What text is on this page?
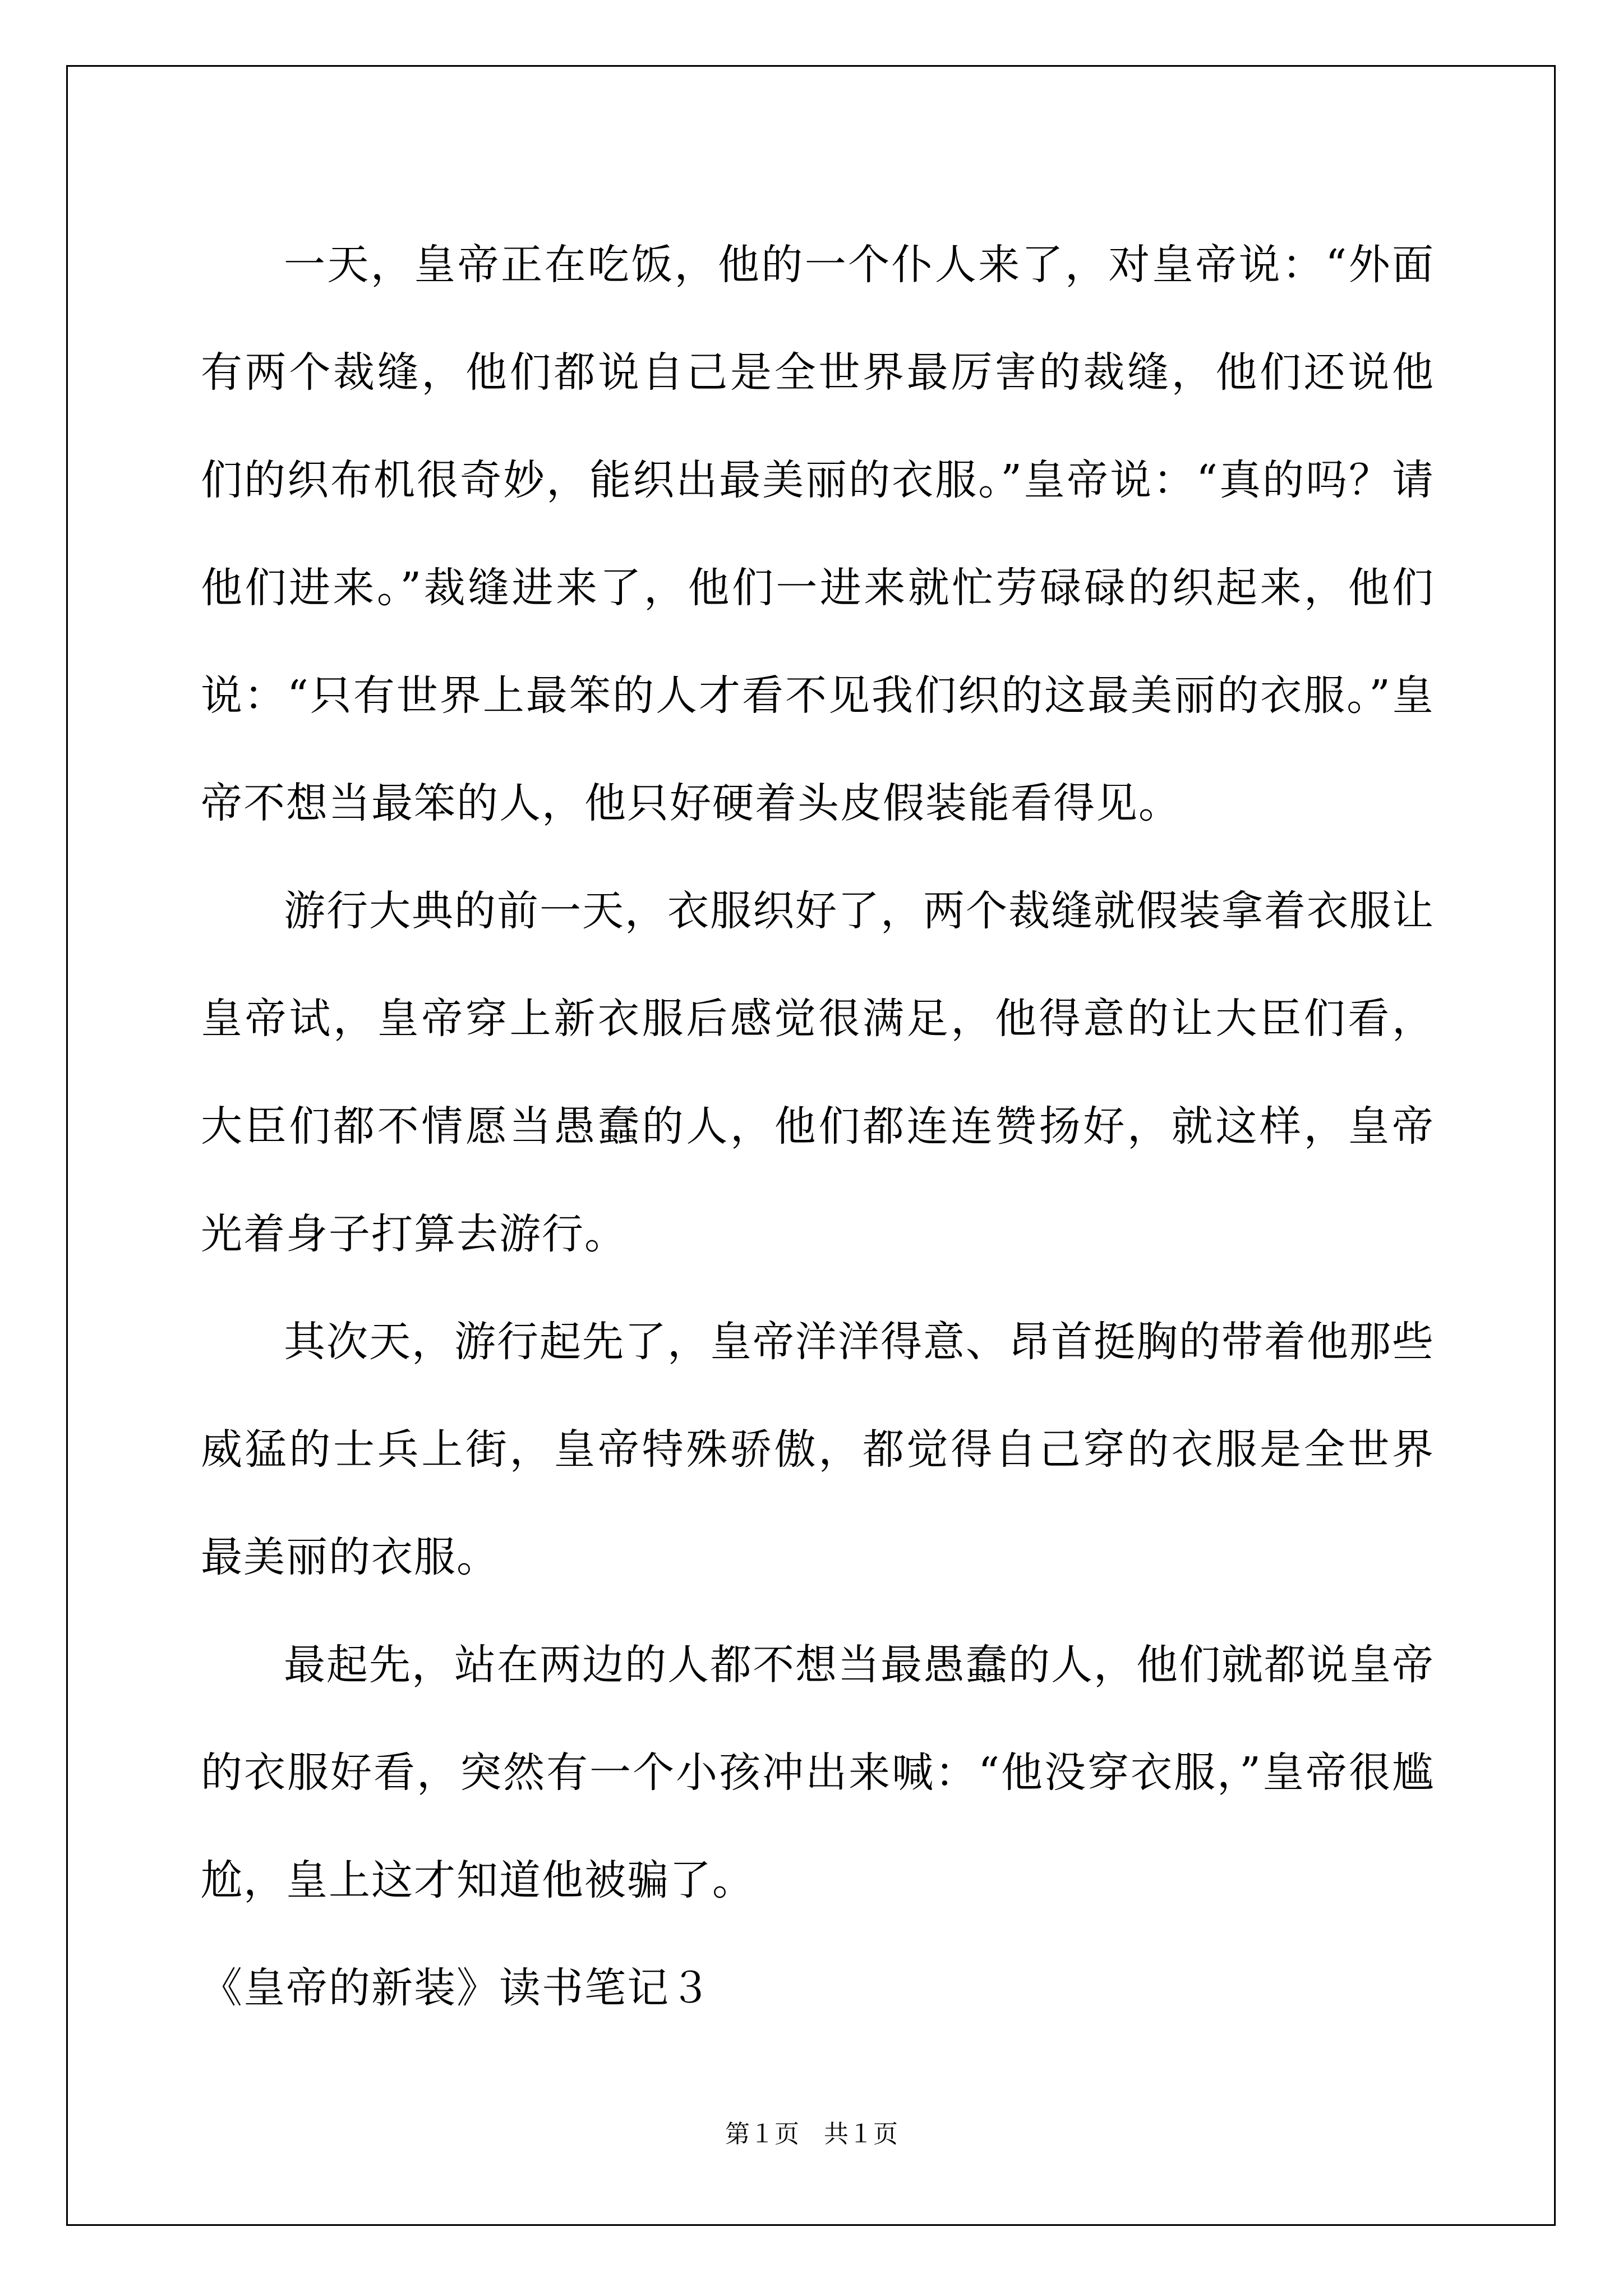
一天，皇帝正在吃饭，他的一个仆人来了，对皇帝说：“外面有两个裁缝，他们都说自己是全世界最厉害的裁缝，他们还说他们的织布机很奇妙，能织出最美丽的衣服。”皇帝说：“真的吗？请他们进来。”裁缝进来了，他们一进来就忙劳碌碌的织起来，他们说：“只有世界上最笨的人才看不见我们织的这最美丽的衣服。”皇帝不想当最笨的人，他只好硬着头皮假装能看得见。

游行大典的前一天，衣服织好了，两个裁缝就假装拿着衣服让皇帝试，皇帝穿上新衣服后感觉很满足，他得意的让大臣们看，大臣们都不情愿当愚蠢的人，他们都连连赞扬好，就这样，皇帝光着身子打算去游行。

其次天，游行起先了，皇帝洋洋得意、昂首挺胸的带着他那些威猛的士兵上街，皇帝特殊骄傲，都觉得自己穿的衣服是全世界最美丽的衣服。

最起先，站在两边的人都不想当最愚蠢的人，他们就都说皇帝的衣服好看，突然有一个小孩冲出来喊：“他没穿衣服，”皇帝很尴尬，皇上这才知道他被骗了。

《皇帝的新装》读书笔记３

第１页 共１页
